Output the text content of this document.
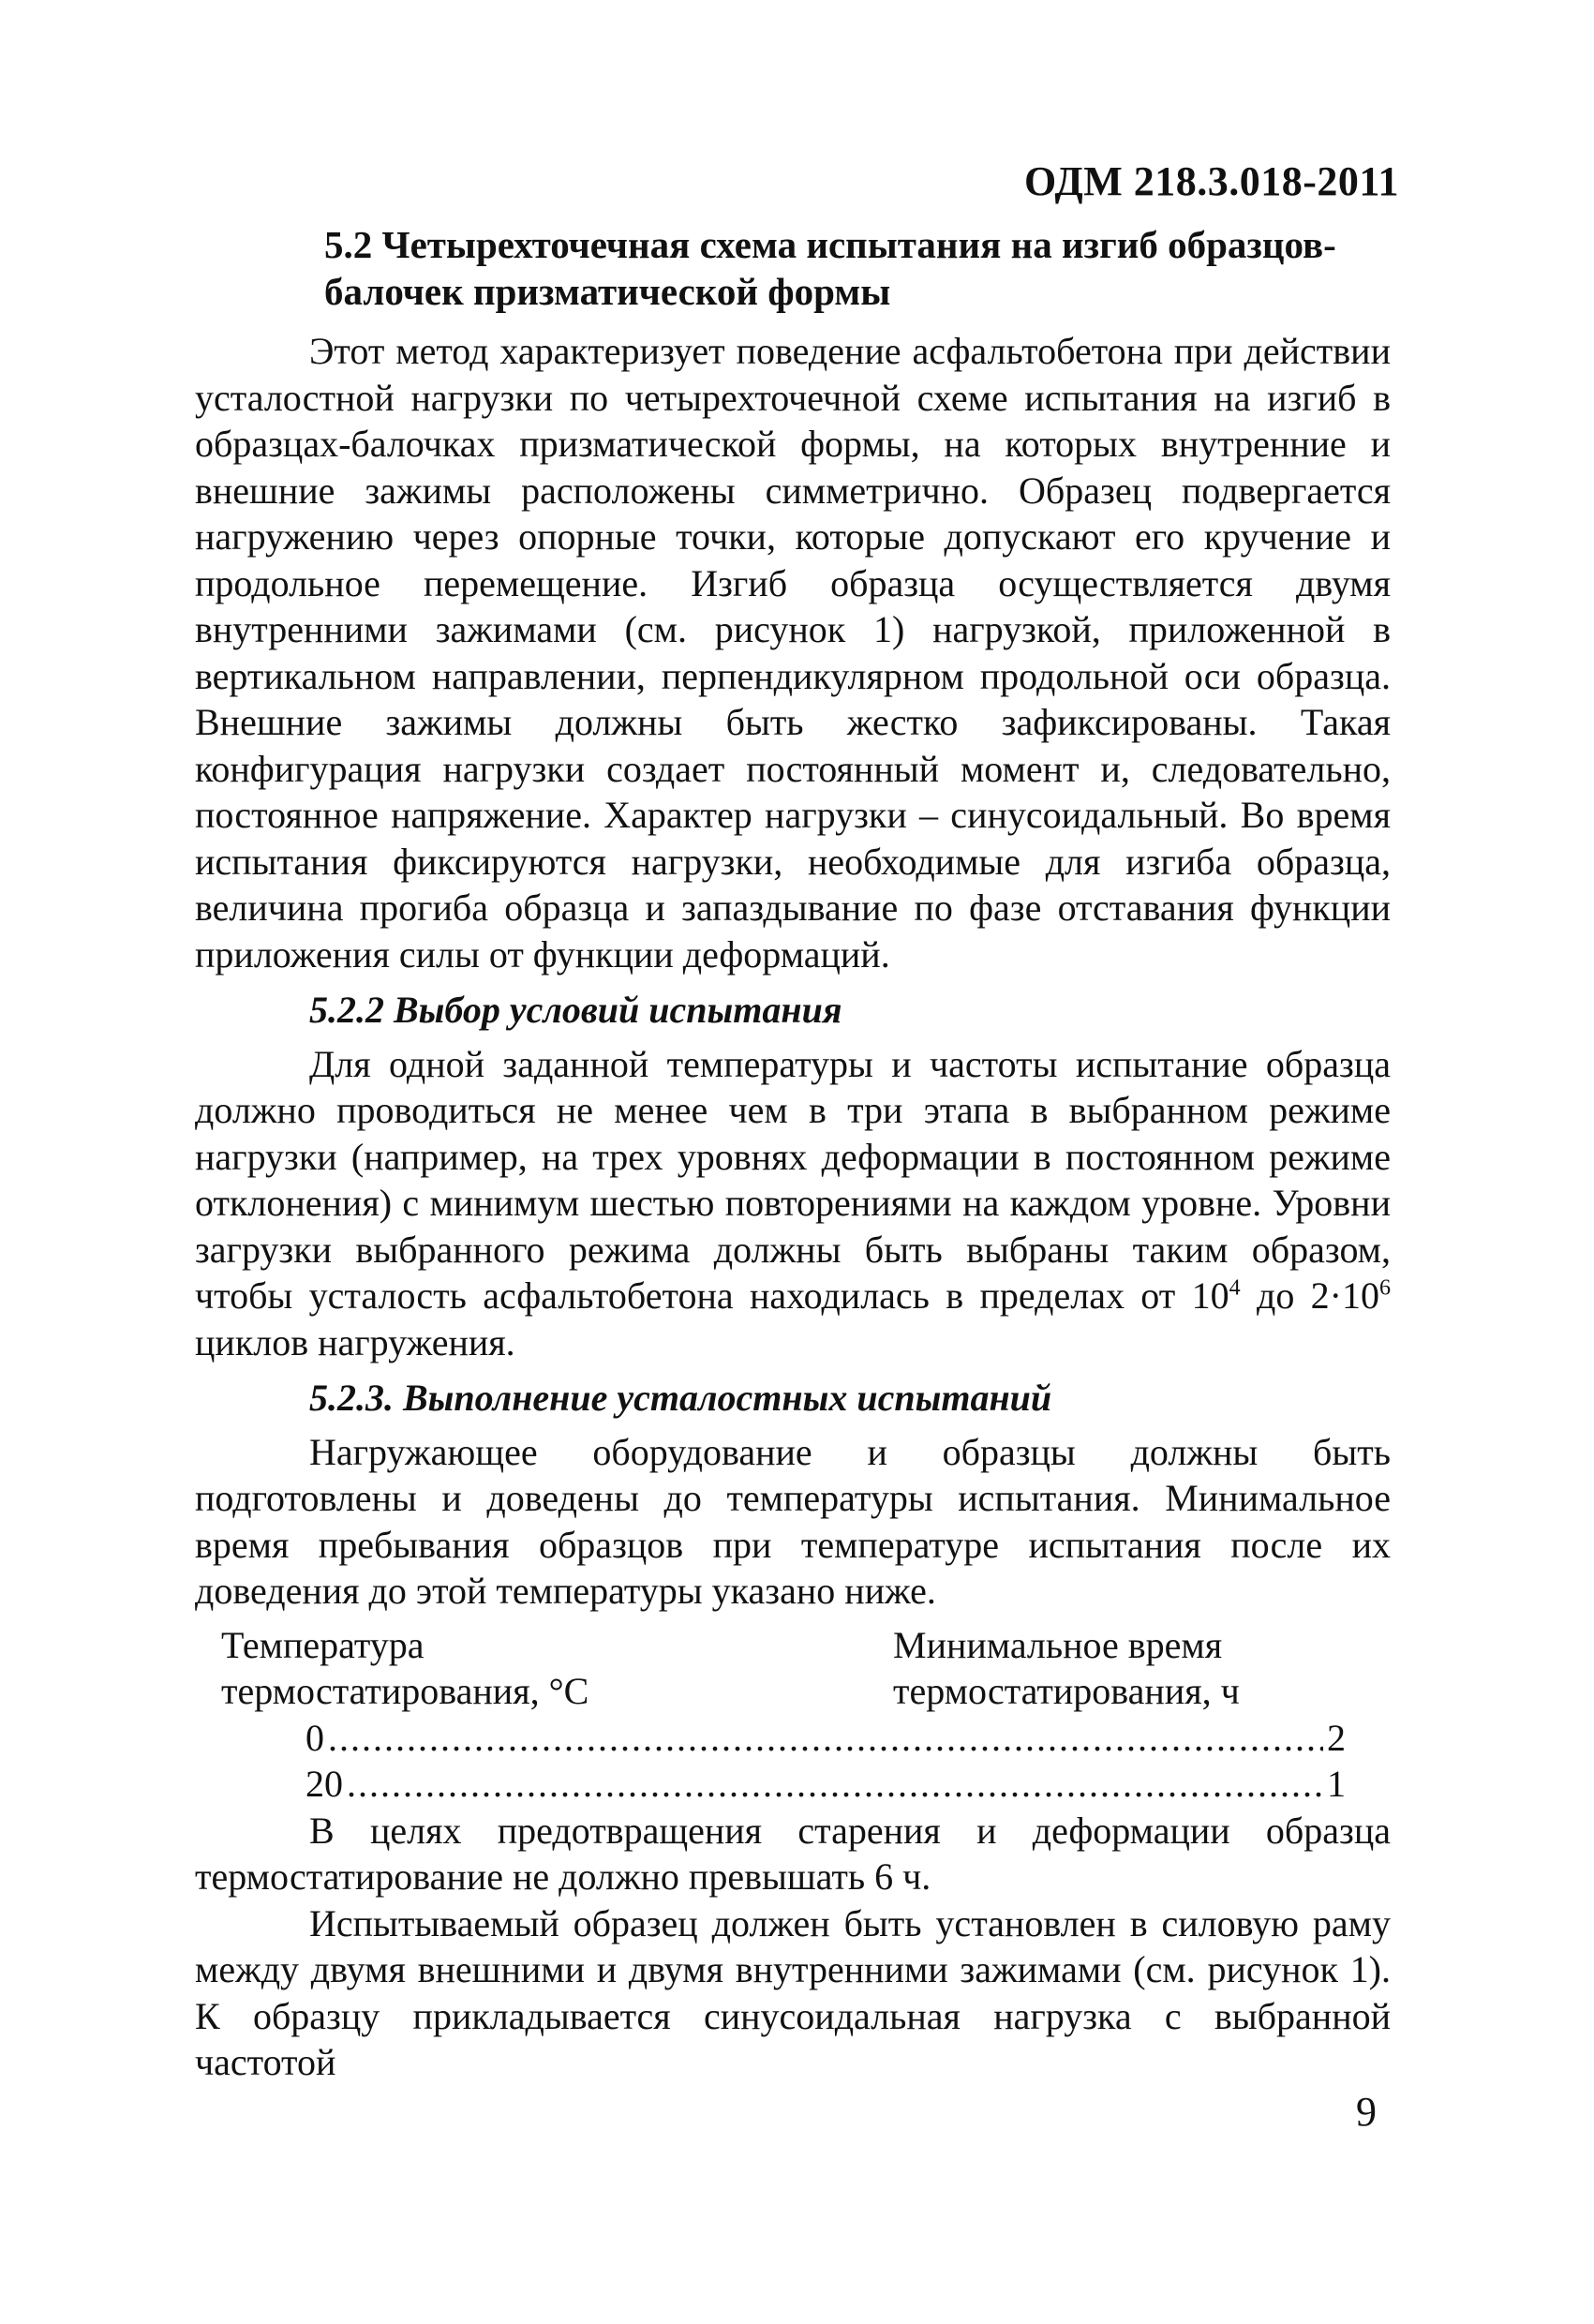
ОДМ 218.3.018-2011

5.2 Четырехточечная схема испытания на изгиб образцов-
балочек призматической формы

Этот метод характеризует поведение асфальтобетона при действии усталостной нагрузки по четырехточечной схеме испытания на изгиб в образцах-балочках призматической формы, на которых внутренние и внешние зажимы расположены симметрично. Образец подвергается нагружению через опорные точки, которые допускают его кручение и продольное перемещение. Изгиб образца осуществляется двумя внутренними зажимами (см. рисунок 1) нагрузкой, приложенной в вертикальном направлении, перпендикулярном продольной оси образца. Внешние зажимы должны быть жестко зафиксированы. Такая конфигурация нагрузки создает постоянный момент и, следовательно, постоянное напряжение. Характер нагрузки – синусоидальный. Во время испытания фиксируются нагрузки, необходимые для изгиба образца, величина прогиба образца и запаздывание по фазе отставания функции приложения силы от функции деформаций.

5.2.2 Выбор условий испытания

Для одной заданной температуры и частоты испытание образца должно проводиться не менее чем в три этапа в выбранном режиме нагрузки (например, на трех уровнях деформации в постоянном режиме отклонения) с минимум шестью повторениями на каждом уровне. Уровни загрузки выбранного режима должны быть выбраны таким образом, чтобы усталость асфальтобетона находилась в пределах от $10^4$ до $2\cdot 10^6$ циклов нагружения.

5.2.3. Выполнение усталостных испытаний

Нагружающее оборудование и образцы должны быть подготовлены и доведены до температуры испытания. Минимальное время пребывания образцов при температуре испытания после их доведения до этой температуры указано ниже.

Температура
термостатирования, °С
Минимальное время
термостатирования, ч
0 .....	2
20 .....	1

В целях предотвращения старения и деформации образца термостатирование не должно превышать 6 ч.

Испытываемый образец должен быть установлен в силовую раму между двумя внешними и двумя внутренними зажимами (см. рисунок 1). К образцу прикладывается синусоидальная нагрузка с выбранной частотой

9
